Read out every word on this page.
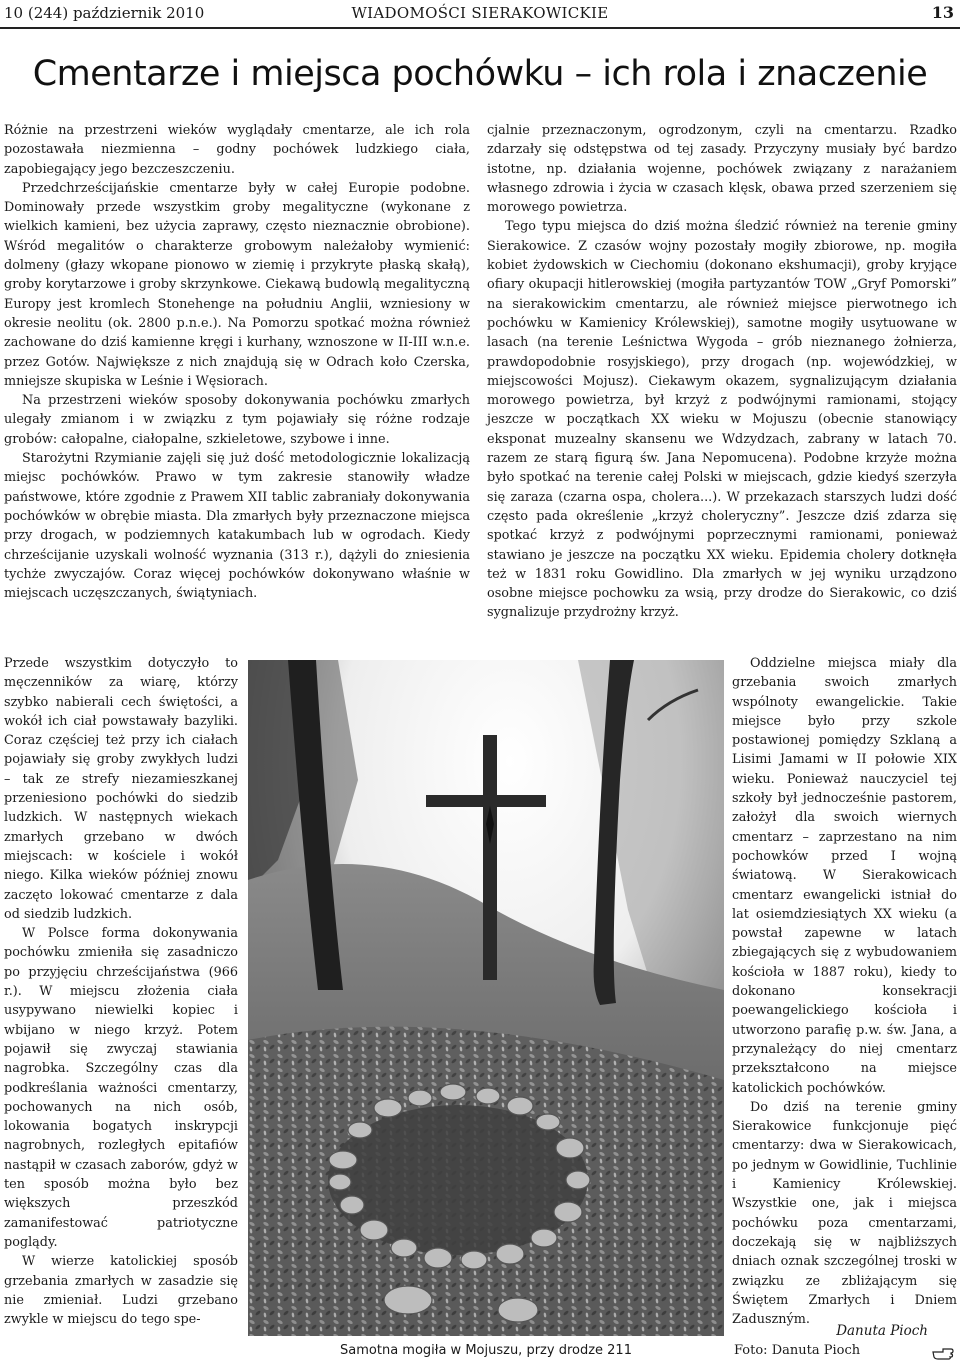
10 (244) październik 2010	WIADOMOŚCI SIERAKOWICKIE	13
Cmentarze i miejsca pochówku – ich rola i znaczenie

Różnie na przestrzeni wieków wyglądały cmentarze, ale ich rola pozostawała niezmienna – godny pochówek ludzkiego ciała, zapobiegający jego bezczeszczeniu.

Przedchrześcijańskie cmentarze były w całej Europie podobne. Dominowały przede wszystkim groby megalityczne (wykonane z wielkich kamieni, bez użycia zaprawy, często nieznacznie obrobione). Wśród megalitów o charakterze grobowym należałoby wymienić: dolmeny (głazy wkopane pionowo w ziemię i przykryte płaską skałą), groby korytarzowe i groby skrzynkowe. Ciekawą budowlą megalityczną Europy jest kromlech Stonehenge na południu Anglii, wzniesiony w okresie neolitu (ok. 2800 p.n.e.). Na Pomorzu spotkać można również zachowane do dziś kamienne kręgi i kurhany, wznoszone w II-III w.n.e. przez Gotów. Największe z nich znajdują się w Odrach koło Czerska, mniejsze skupiska w Leśnie i Węsiorach.

Na przestrzeni wieków sposoby dokonywania pochówku zmarłych ulegały zmianom i w związku z tym pojawiały się różne rodzaje grobów: całopalne, ciałopalne, szkieletowe, szybowe i inne.

Starożytni Rzymianie zajęli się już dość metodologicznie lokalizacją miejsc pochówków. Prawo w tym zakresie stanowiły władze państwowe, które zgodnie z Prawem XII tablic zabraniały dokonywania pochówków w obrębie miasta. Dla zmarłych były przeznaczone miejsca przy drogach, w podziemnych katakumbach lub w ogrodach. Kiedy chrześcijanie uzyskali wolność wyznania (313 r.), dążyli do zniesienia tychże zwyczajów. Coraz więcej pochówków dokonywano właśnie w miejscach uczęszczanych, świątyniach.

Przede wszystkim dotyczyło to męczenników za wiarę, którzy szybko nabierali cech świętości, a wokół ich ciał powstawały bazyliki. Coraz częściej też przy ich ciałach pojawiały się groby zwykłych ludzi – tak ze strefy niezamieszkanej przeniesiono pochówki do siedzib ludzkich. W następnych wiekach zmarłych grzebano w dwóch miejscach: w kościele i wokół niego. Kilka wieków później znowu zaczęto lokować cmentarze z dala od siedzib ludzkich.

W Polsce forma dokonywania pochówku zmieniła się zasadniczo po przyjęciu chrześcijaństwa (966 r.). W miejscu złożenia ciała usypywano niewielki kopiec i wbijano w niego krzyż. Potem pojawił się zwyczaj stawiania nagrobka. Szczególny czas dla podkreślania ważności cmentarzy, pochowanych na nich osób, lokowania bogatych inskrypcji nagrobnych, rozległych epitafiów nastąpił w czasach zaborów, gdyż w ten sposób można było bez większych przeszkód zamanifestować patriotyczne poglądy.

W wierze katolickiej sposób grzebania zmarłych w zasadzie się nie zmieniał. Ludzi grzebano zwykle w miejscu do tego spe-

cjalnie przeznaczonym, ogrodzonym, czyli na cmentarzu. Rzadko zdarzały się odstępstwa od tej zasady. Przyczyny musiały być bardzo istotne, np. działania wojenne, pochówek związany z narażaniem własnego zdrowia i życia w czasach klęsk, obawa przed szerzeniem się morowego powietrza.

Tego typu miejsca do dziś można śledzić również na terenie gminy Sierakowice. Z czasów wojny pozostały mogiły zbiorowe, np. mogiła kobiet żydowskich w Ciechomiu (dokonano ekshumacji), groby kryjące ofiary okupacji hitlerowskiej (mogiła partyzantów TOW „Gryf Pomorski” na sierakowickim cmentarzu, ale również miejsce pierwotnego ich pochówku w Kamienicy Królewskiej), samotne mogiły usytuowane w lasach (na terenie Leśnictwa Wygoda – grób nieznanego żołnierza, prawdopodobnie rosyjskiego), przy drogach (np. wojewódzkiej, w miejscowości Mojusz). Ciekawym okazem, sygnalizującym działania morowego powietrza, był krzyż z podwójnymi ramionami, stojący jeszcze w początkach XX wieku w Mojuszu (obecnie stanowiący eksponat muzealny skansenu we Wdzydzach, zabrany w latach 70. razem ze starą figurą św. Jana Nepomucena). Podobne krzyże można było spotkać na terenie całej Polski w miejscach, gdzie kiedyś szerzyła się zaraza (czarna ospa, cholera...). W przekazach starszych ludzi dość często pada określenie „krzyż choleryczny”. Jeszcze dziś zdarza się spotkać krzyż z podwójnymi poprzecznymi ramionami, ponieważ stawiano je jeszcze na początku XX wieku. Epidemia cholery dotknęła też w 1831 roku Gowidlino. Dla zmarłych w jej wyniku urządzono osobne miejsce pochowku za wsią, przy drodze do Sierakowic, co dziś sygnalizuje przydrożny krzyż.

Oddzielne miejsca miały dla grzebania swoich zmarłych wspólnoty ewangelickie. Takie miejsce było przy szkole postawionej pomiędzy Szklaną a Lisimi Jamami w II połowie XIX wieku. Ponieważ nauczyciel tej szkoły był jednocześnie pastorem, założył dla swoich wiernych cmentarz – zaprzestano na nim pochowków przed I wojną światową. W Sierakowicach cmentarz ewangelicki istniał do lat osiemdziesiątych XX wieku (a powstał zapewne w latach zbiegających się z wybudowaniem kościoła w 1887 roku), kiedy to dokonano konsekracji poewangelickiego kościoła i utworzono parafię p.w. św. Jana, a przynależący do niej cmentarz przekształcono na miejsce katolickich pochówków.

Do dziś na terenie gminy Sierakowice funkcjonuje pięć cmentarzy: dwa w Sierakowicach, po jednym w Gowidlinie, Tuchlinie i Kamienicy Królewskiej. Wszystkie one, jak i miejsca pochówku poza cmentarzami, doczekają się w najbliższych dniach oznak szczególnej troski w związku ze zbliżającym się Świętem Zmarłych i Dniem Zaduszným.

Samotna mogiła w Mojuszu, przy drodze 211
Danuta Pioch
Foto: Danuta Pioch
